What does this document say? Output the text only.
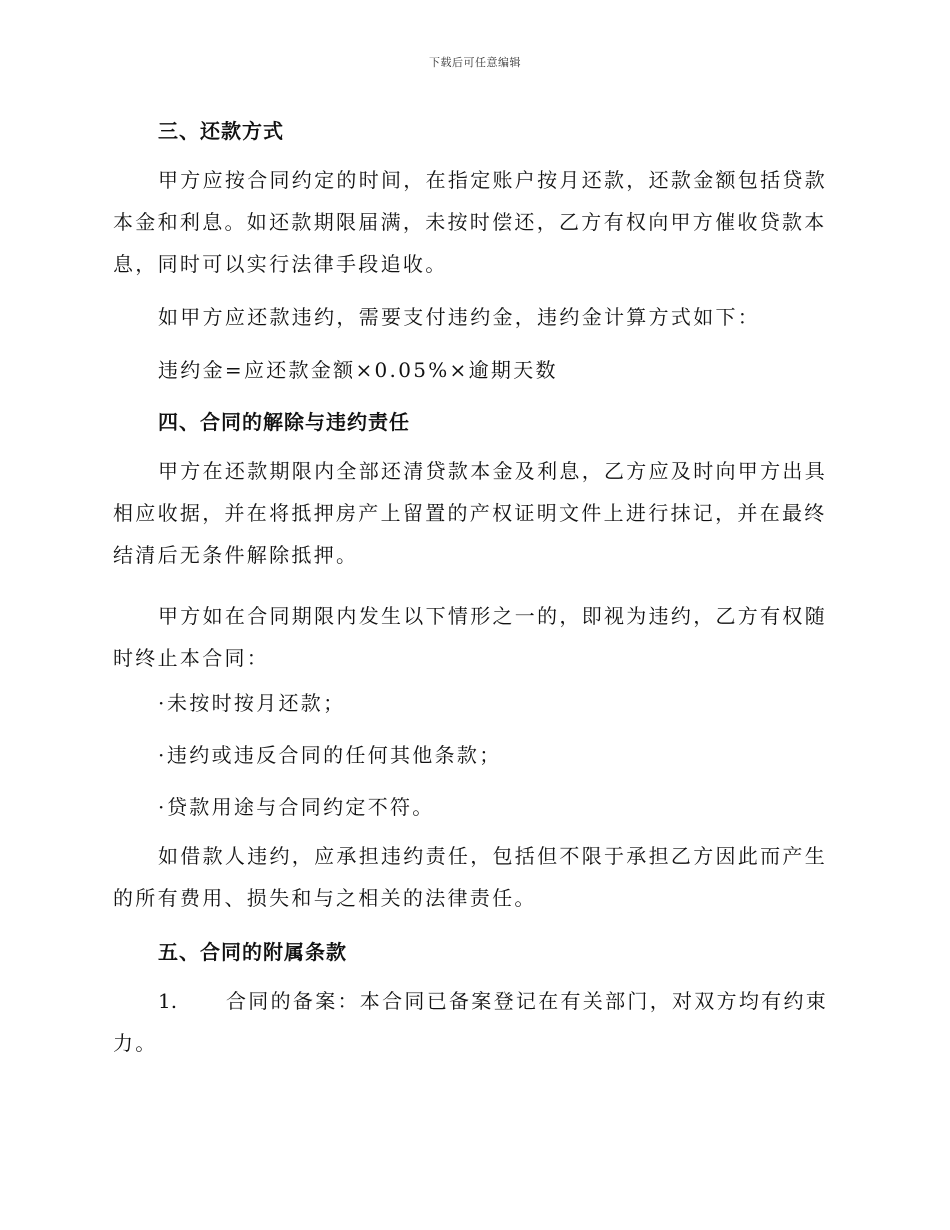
下载后可任意编辑
三、还款方式
甲方应按合同约定的时间，在指定账户按月还款，还款金额包括贷款本金和利息。如还款期限届满，未按时偿还，乙方有权向甲方催收贷款本息，同时可以实行法律手段追收。
如甲方应还款违约，需要支付违约金，违约金计算方式如下：
违约金=应还款金额×0.05%×逾期天数
四、合同的解除与违约责任
甲方在还款期限内全部还清贷款本金及利息，乙方应及时向甲方出具相应收据，并在将抵押房产上留置的产权证明文件上进行抹记，并在最终结清后无条件解除抵押。
甲方如在合同期限内发生以下情形之一的，即视为违约，乙方有权随时终止本合同：
·未按时按月还款；
·违约或违反合同的任何其他条款；
·贷款用途与合同约定不符。
如借款人违约，应承担违约责任，包括但不限于承担乙方因此而产生的所有费用、损失和与之相关的法律责任。
五、合同的附属条款
1. 合同的备案：本合同已备案登记在有关部门，对双方均有约束力。
